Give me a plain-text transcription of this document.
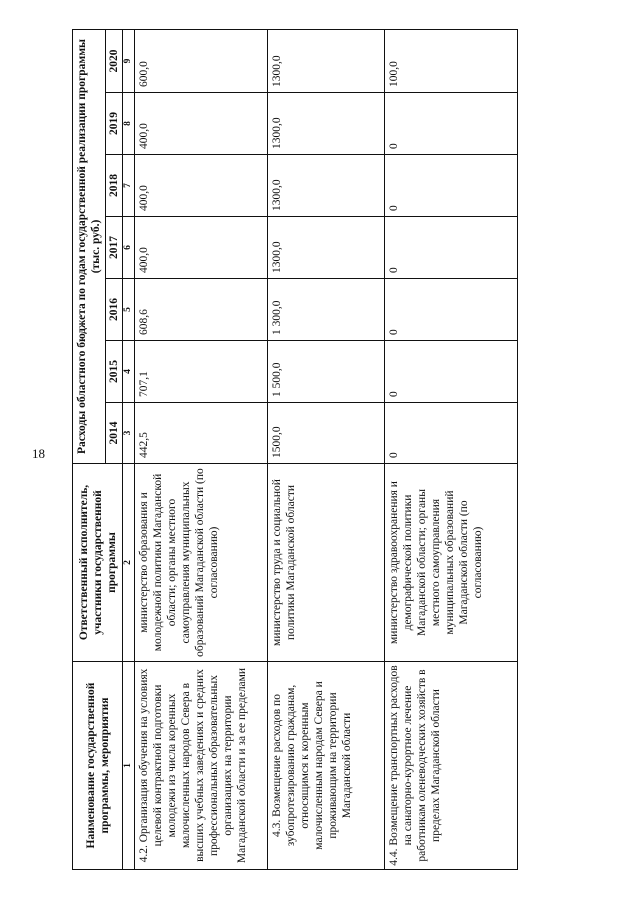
18
Наименование государственной программы, мероприятия	Ответственный исполнитель, участники государственной программы	Расходы областного бюджета по годам государственной реализации программы (тыс. руб.)						
		2014	2015	2016	2017	2018	2019	2020
1	2	3	4	5	6	7	8	9
4.2. Организация обучения на условиях целевой контрактной подготовки молодежи из числа коренных малочисленных народов Севера в высших учебных заведениях и средних профессиональных образовательных организациях на территории Магаданской области и за ее пределами	министерство образования и молодежной политики Магаданской области; органы местного самоуправления муниципальных образований Магаданской области (по согласованию)	442,5	707,1	608,6	400,0	400,0	400,0	600,0
4.3. Возмещение расходов по зубопротезированию гражданам, относящимся к коренным малочисленным народам Севера и проживающим на территории Магаданской области	министерство труда и социальной политики Магаданской области	1500,0	1 500,0	1 300,0	1300,0	1300,0	1300,0	1300,0
4.4. Возмещение транспортных расходов на санаторно-курортное лечение работникам оленеводческих хозяйств в пределах Магаданской области	министерство здравоохранения и демографической политики Магаданской области; органы местного самоуправления муниципальных образований Магаданской области (по согласованию)	0	0	0	0	0	0	100,0
